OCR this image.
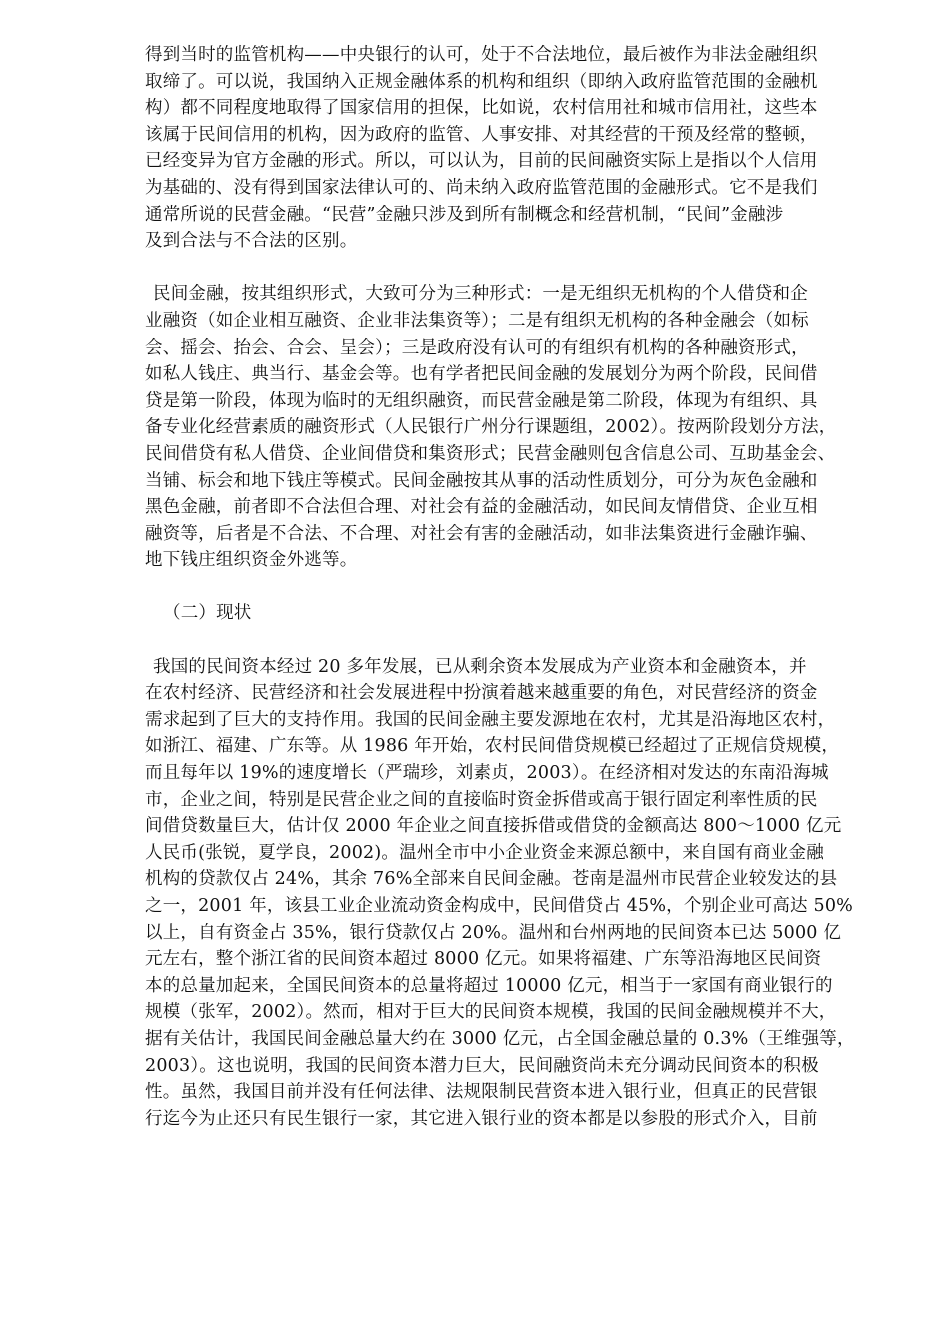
得到当时的监管机构——中央银行的认可，处于不合法地位，最后被作为非法金融组织
取缔了。可以说，我国纳入正规金融体系的机构和组织（即纳入政府监管范围的金融机
构）都不同程度地取得了国家信用的担保，比如说，农村信用社和城市信用社，这些本
该属于民间信用的机构，因为政府的监管、人事安排、对其经营的干预及经常的整顿，
已经变异为官方金融的形式。所以，可以认为，目前的民间融资实际上是指以个人信用
为基础的、没有得到国家法律认可的、尚未纳入政府监管范围的金融形式。它不是我们
通常所说的民营金融。“民营”金融只涉及到所有制概念和经营机制，“民间”金融涉
及到合法与不合法的区别。
民间金融，按其组织形式，大致可分为三种形式：一是无组织无机构的个人借贷和企
业融资（如企业相互融资、企业非法集资等）；二是有组织无机构的各种金融会（如标
会、摇会、抬会、合会、呈会）；三是政府没有认可的有组织有机构的各种融资形式，
如私人钱庄、典当行、基金会等。也有学者把民间金融的发展划分为两个阶段，民间借
贷是第一阶段，体现为临时的无组织融资，而民营金融是第二阶段，体现为有组织、具
备专业化经营素质的融资形式（人民银行广州分行课题组，2002）。按两阶段划分方法，
民间借贷有私人借贷、企业间借贷和集资形式；民营金融则包含信息公司、互助基金会、
当铺、标会和地下钱庄等模式。民间金融按其从事的活动性质划分，可分为灰色金融和
黑色金融，前者即不合法但合理、对社会有益的金融活动，如民间友情借贷、企业互相
融资等，后者是不合法、不合理、对社会有害的金融活动，如非法集资进行金融诈骗、
地下钱庄组织资金外逃等。
（二）现状
我国的民间资本经过 20 多年发展，已从剩余资本发展成为产业资本和金融资本，并
在农村经济、民营经济和社会发展进程中扮演着越来越重要的角色，对民营经济的资金
需求起到了巨大的支持作用。我国的民间金融主要发源地在农村，尤其是沿海地区农村，
如浙江、福建、广东等。从 1986 年开始，农村民间借贷规模已经超过了正规信贷规模，
而且每年以 19%的速度增长（严瑞珍，刘素贞，2003）。在经济相对发达的东南沿海城
市，企业之间，特别是民营企业之间的直接临时资金拆借或高于银行固定利率性质的民
间借贷数量巨大，估计仅 2000 年企业之间直接拆借或借贷的金额高达 800～1000 亿元
人民币(张锐，夏学良，2002)。温州全市中小企业资金来源总额中，来自国有商业金融
机构的贷款仅占 24%，其余 76%全部来自民间金融。苍南是温州市民营企业较发达的县
之一，2001 年，该县工业企业流动资金构成中，民间借贷占 45%，个别企业可高达 50%
以上，自有资金占 35%，银行贷款仅占 20%。温州和台州两地的民间资本已达 5000 亿
元左右，整个浙江省的民间资本超过 8000 亿元。如果将福建、广东等沿海地区民间资
本的总量加起来，全国民间资本的总量将超过 10000 亿元，相当于一家国有商业银行的
规模（张军，2002）。然而，相对于巨大的民间资本规模，我国的民间金融规模并不大，
据有关估计，我国民间金融总量大约在 3000 亿元，占全国金融总量的 0.3%（王维强等，
2003）。这也说明，我国的民间资本潜力巨大，民间融资尚未充分调动民间资本的积极
性。虽然，我国目前并没有任何法律、法规限制民营资本进入银行业，但真正的民营银
行迄今为止还只有民生银行一家，其它进入银行业的资本都是以参股的形式介入，目前
